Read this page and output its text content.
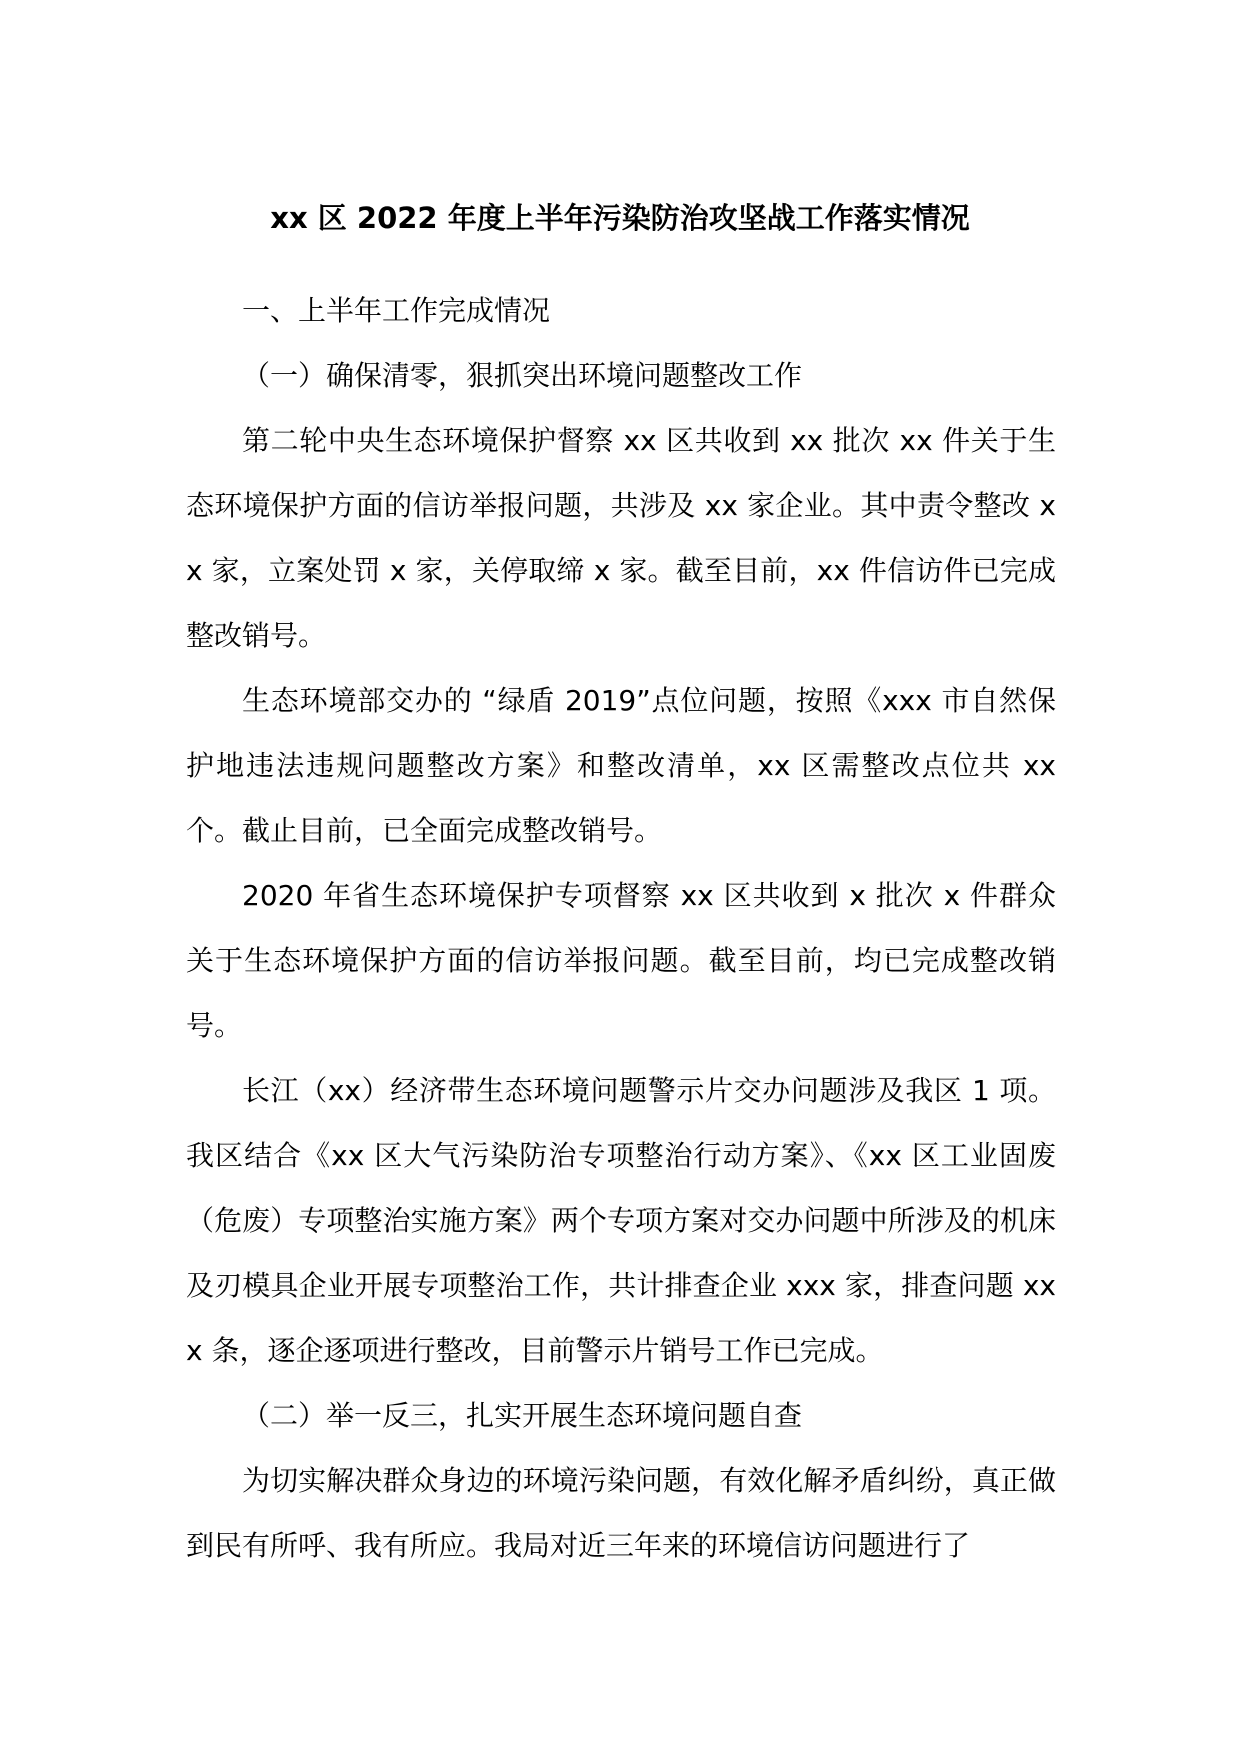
xx 区 2022 年度上半年污染防治攻坚战工作落实情况

一、上半年工作完成情况

（一）确保清零，狠抓突出环境问题整改工作

第二轮中央生态环境保护督察 xx 区共收到 xx 批次 xx 件关于生态环境保护方面的信访举报问题，共涉及 xx 家企业。其中责令整改 xx 家，立案处罚 x 家，关停取缔 x 家。截至目前，xx 件信访件已完成整改销号。

生态环境部交办的 “绿盾 2019”点位问题，按照《xxx 市自然保护地违法违规问题整改方案》和整改清单，xx 区需整改点位共 xx 个。截止目前，已全面完成整改销号。

2020 年省生态环境保护专项督察 xx 区共收到 x 批次 x 件群众关于生态环境保护方面的信访举报问题。截至目前，均已完成整改销号。

长江（xx）经济带生态环境问题警示片交办问题涉及我区 1 项。我区结合《xx 区大气污染防治专项整治行动方案》、《xx 区工业固废（危废）专项整治实施方案》两个专项方案对交办问题中所涉及的机床及刃模具企业开展专项整治工作，共计排查企业 xxx 家，排查问题 xxx 条，逐企逐项进行整改，目前警示片销号工作已完成。

（二）举一反三，扎实开展生态环境问题自查

为切实解决群众身边的环境污染问题，有效化解矛盾纠纷，真正做到民有所呼、我有所应。我局对近三年来的环境信访问题进行了
